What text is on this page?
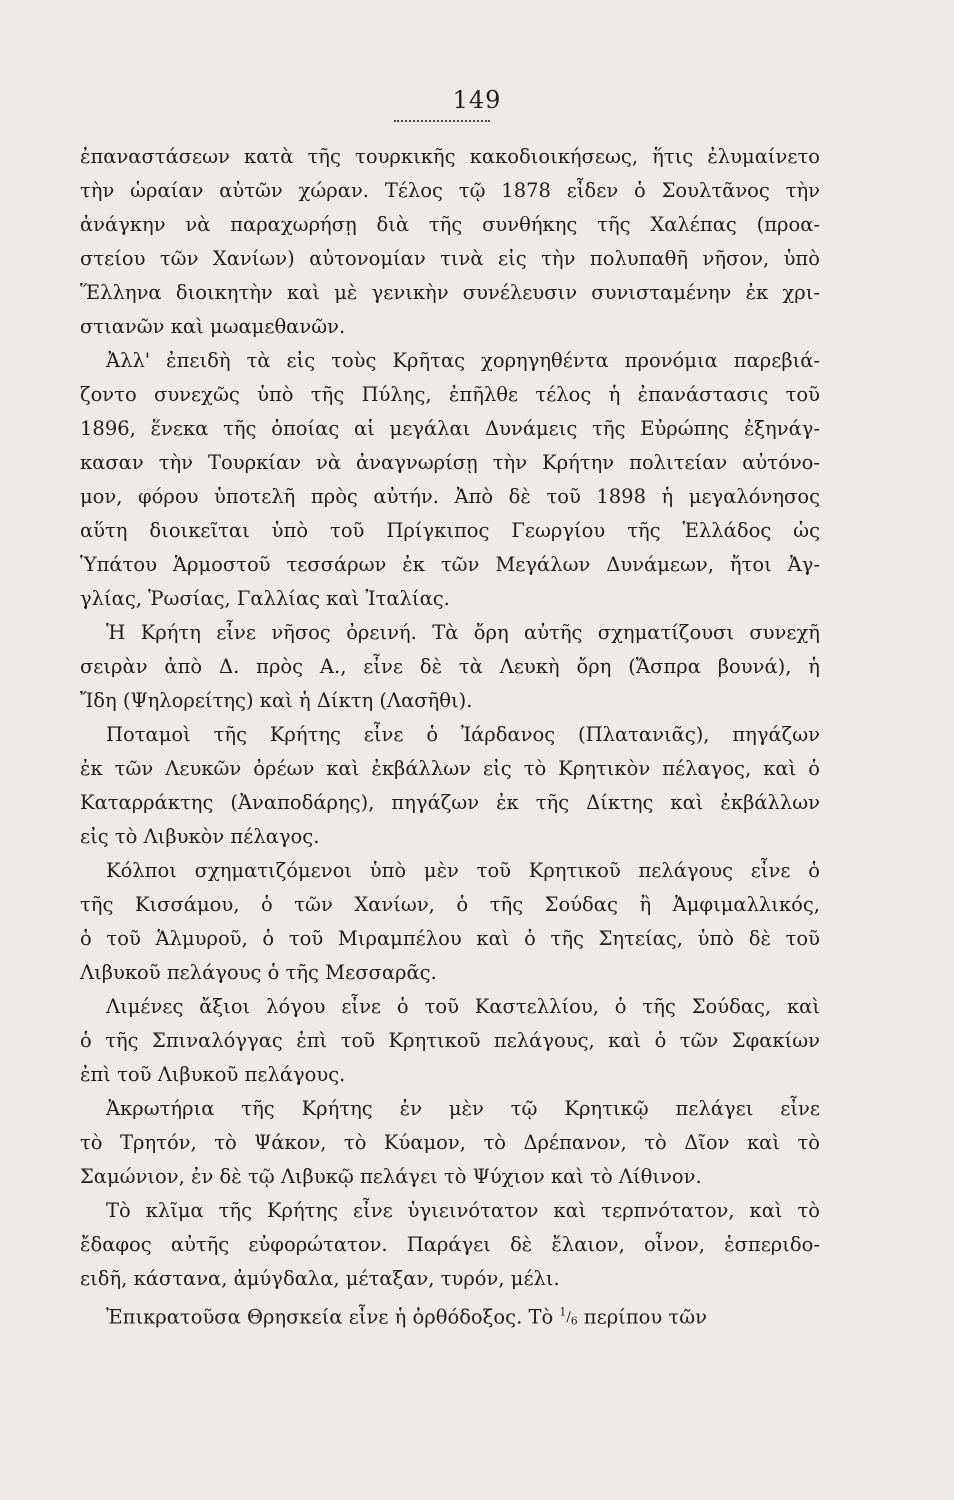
149
ἐπαναστάσεων κατὰ τῆς τουρκικῆς κακοδιοικήσεως, ἥτις ἐλυμαίνετο
τὴν ὡραίαν αὐτῶν χώραν. Τέλος τῷ 1878 εἶδεν ὁ Σουλτᾶνος τὴν
ἀνάγκην νὰ παραχωρήσῃ διὰ τῆς συνθήκης τῆς Χαλέπας (προα-
στείου τῶν Χανίων) αὐτονομίαν τινὰ εἰς τὴν πολυπαθῆ νῆσον, ὑπὸ
Ἕλληνα διοικητὴν καὶ μὲ γενικὴν συνέλευσιν συνισταμένην ἐκ χρι-
στιανῶν καὶ μωαμεθανῶν.
Ἀλλ' ἐπειδὴ τὰ εἰς τοὺς Κρῆτας χορηγηθέντα προνόμια παρεβιά-
ζοντο συνεχῶς ὑπὸ τῆς Πύλης, ἐπῆλθε τέλος ἡ ἐπανάστασις τοῦ
1896, ἕνεκα τῆς ὁποίας αἱ μεγάλαι Δυνάμεις τῆς Εὐρώπης ἐξηνάγ-
κασαν τὴν Τουρκίαν νὰ ἀναγνωρίσῃ τὴν Κρήτην πολιτείαν αὐτόνο-
μον, φόρου ὑποτελῆ πρὸς αὐτήν. Ἀπὸ δὲ τοῦ 1898 ἡ μεγαλόνησος
αὕτη διοικεῖται ὑπὸ τοῦ Πρίγκιπος Γεωργίου τῆς Ἑλλάδος ὡς
Ὑπάτου Ἁρμοστοῦ τεσσάρων ἐκ τῶν Μεγάλων Δυνάμεων, ἤτοι Ἀγ-
γλίας, Ῥωσίας, Γαλλίας καὶ Ἰταλίας.
Ἡ Κρήτη εἶνε νῆσος ὀρεινή. Τὰ ὄρη αὐτῆς σχηματίζουσι συνεχῆ
σειρὰν ἀπὸ Δ. πρὸς Α., εἶνε δὲ τὰ Λευκὴ ὄρη (Ἄσπρα βουνά), ἡ
Ἴδη (Ψηλορείτης) καὶ ἡ Δίκτη (Λασῆθι).
Ποταμοὶ τῆς Κρήτης εἶνε ὁ Ἰάρδανος (Πλατανιᾶς), πηγάζων
ἐκ τῶν Λευκῶν ὀρέων καὶ ἐκβάλλων εἰς τὸ Κρητικὸν πέλαγος, καὶ ὁ
Καταρράκτης (Ἀναποδάρης), πηγάζων ἐκ τῆς Δίκτης καὶ ἐκβάλλων
εἰς τὸ Λιβυκὸν πέλαγος.
Κόλποι σχηματιζόμενοι ὑπὸ μὲν τοῦ Κρητικοῦ πελάγους εἶνε ὁ
τῆς Κισσάμου, ὁ τῶν Χανίων, ὁ τῆς Σούδας ἢ Ἀμφιμαλλικός,
ὁ τοῦ Ἁλμυροῦ, ὁ τοῦ Μιραμπέλου καὶ ὁ τῆς Σητείας, ὑπὸ δὲ τοῦ
Λιβυκοῦ πελάγους ὁ τῆς Μεσσαρᾶς.
Λιμένες ἄξιοι λόγου εἶνε ὁ τοῦ Καστελλίου, ὁ τῆς Σούδας, καὶ
ὁ τῆς Σπιναλόγγας ἐπὶ τοῦ Κρητικοῦ πελάγους, καὶ ὁ τῶν Σφακίων
ἐπὶ τοῦ Λιβυκοῦ πελάγους.
Ἀκρωτήρια τῆς Κρήτης ἐν μὲν τῷ Κρητικῷ πελάγει εἶνε
τὸ Τρητόν, τὸ Ψάκον, τὸ Κύαμον, τὸ Δρέπανον, τὸ Δῖον καὶ τὸ
Σαμώνιον, ἐν δὲ τῷ Λιβυκῷ πελάγει τὸ Ψύχιον καὶ τὸ Λίθινον.
Τὸ κλῖμα τῆς Κρήτης εἶνε ὑγιεινότατον καὶ τερπνότατον, καὶ τὸ
ἔδαφος αὐτῆς εὐφορώτατον. Παράγει δὲ ἔλαιον, οἶνον, ἑσπεριδο-
ειδῆ, κάστανα, ἀμύγδαλα, μέταξαν, τυρόν, μέλι.
Ἐπικρατοῦσα Θρησκεία εἶνε ἡ ὀρθόδοξος. Τὸ $^1/_6$ περίπου τῶν
